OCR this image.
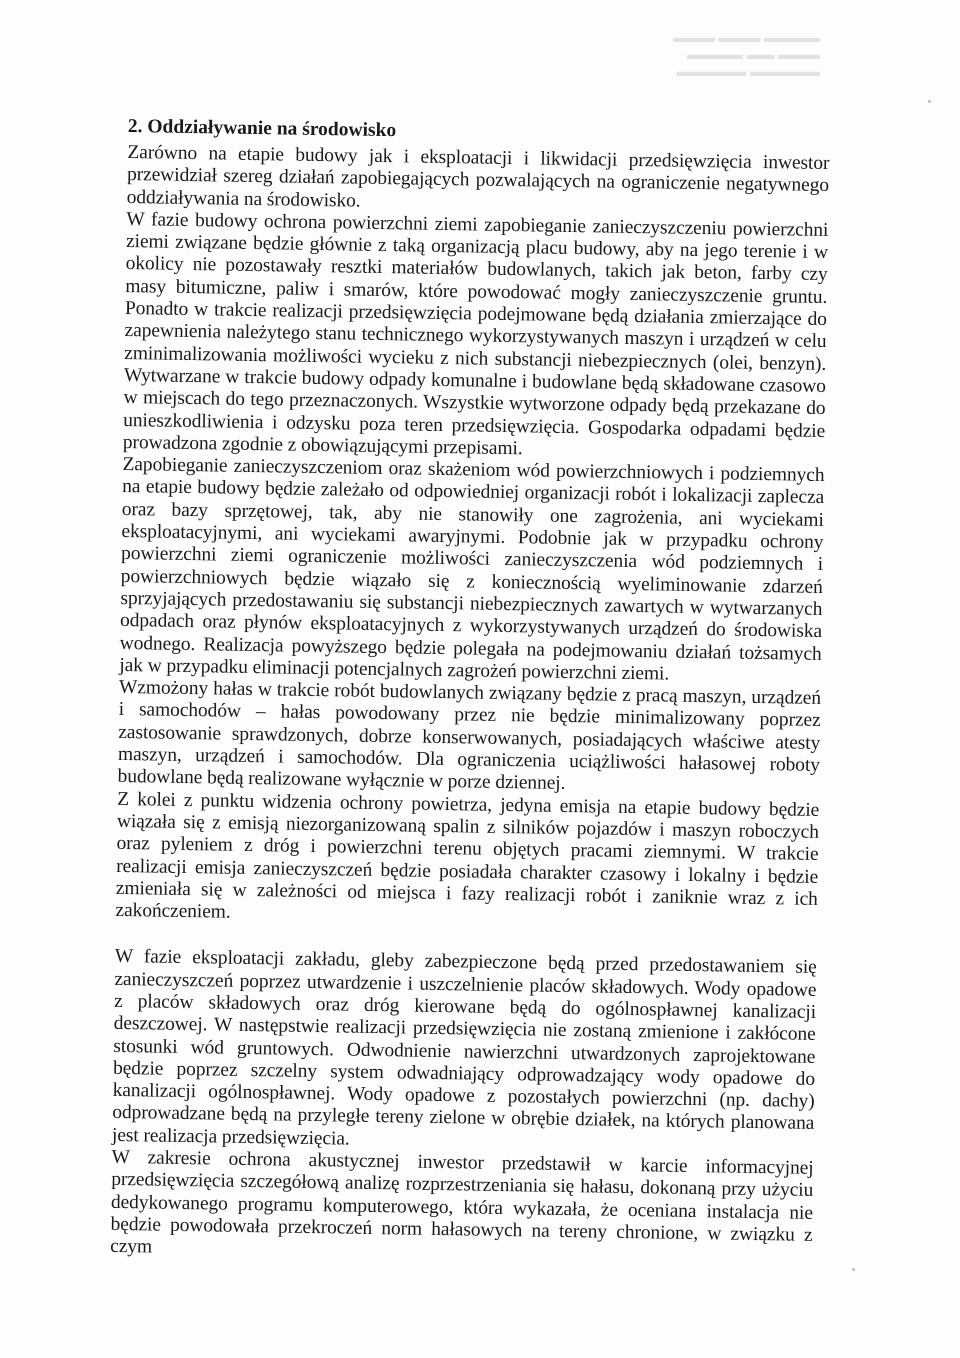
▬▬▬▬ ▬▬▬ ▬▬▬
▬▬▬ ▬▬ ▬▬▬▬
▬▬▬▬▬ ▬▬▬▬▬
2. Oddziaływanie na środowisko

Zarówno na etapie budowy jak i eksploatacji i likwidacji przedsięwzięcia inwestor przewidział szereg działań zapobiegających pozwalających na ograniczenie negatywnego oddziaływania na środowisko.

W fazie budowy ochrona powierzchni ziemi zapobieganie zanieczyszczeniu powierzchni ziemi związane będzie głównie z taką organizacją placu budowy, aby na jego terenie i w okolicy nie pozostawały resztki materiałów budowlanych, takich jak beton, farby czy masy bitumiczne, paliw i smarów, które powodować mogły zanieczyszczenie gruntu. Ponadto w trakcie realizacji przedsięwzięcia podejmowane będą działania zmierzające do zapewnienia należytego stanu technicznego wykorzystywanych maszyn i urządzeń w celu zminimalizowania możliwości wycieku z nich substancji niebezpiecznych (olei, benzyn). Wytwarzane w trakcie budowy odpady komunalne i budowlane będą składowane czasowo w miejscach do tego przeznaczonych. Wszystkie wytworzone odpady będą przekazane do unieszkodliwienia i odzysku poza teren przedsięwzięcia. Gospodarka odpadami będzie prowadzona zgodnie z obowiązującymi przepisami.

Zapobieganie zanieczyszczeniom oraz skażeniom wód powierzchniowych i podziemnych na etapie budowy będzie zależało od odpowiedniej organizacji robót i lokalizacji zaplecza oraz bazy sprzętowej, tak, aby nie stanowiły one zagrożenia, ani wyciekami eksploatacyjnymi, ani wyciekami awaryjnymi. Podobnie jak w przypadku ochrony powierzchni ziemi ograniczenie możliwości zanieczyszczenia wód podziemnych i powierzchniowych będzie wiązało się z koniecznością wyeliminowanie zdarzeń sprzyjających przedostawaniu się substancji niebezpiecznych zawartych w wytwarzanych odpadach oraz płynów eksploatacyjnych z wykorzystywanych urządzeń do środowiska wodnego. Realizacja powyższego będzie polegała na podejmowaniu działań tożsamych jak w przypadku eliminacji potencjalnych zagrożeń powierzchni ziemi.

Wzmożony hałas w trakcie robót budowlanych związany będzie z pracą maszyn, urządzeń i samochodów – hałas powodowany przez nie będzie minimalizowany poprzez zastosowanie sprawdzonych, dobrze konserwowanych, posiadających właściwe atesty maszyn, urządzeń i samochodów. Dla ograniczenia uciążliwości hałasowej roboty budowlane będą realizowane wyłącznie w porze dziennej.

Z kolei z punktu widzenia ochrony powietrza, jedyna emisja na etapie budowy będzie wiązała się z emisją niezorganizowaną spalin z silników pojazdów i maszyn roboczych oraz pyleniem z dróg i powierzchni terenu objętych pracami ziemnymi. W trakcie realizacji emisja zanieczyszczeń będzie posiadała charakter czasowy i lokalny i będzie zmieniała się w zależności od miejsca i fazy realizacji robót i zaniknie wraz z ich zakończeniem.

W fazie eksploatacji zakładu, gleby zabezpieczone będą przed przedostawaniem się zanieczyszczeń poprzez utwardzenie i uszczelnienie placów składowych. Wody opadowe z placów składowych oraz dróg kierowane będą do ogólnospławnej kanalizacji deszczowej. W następstwie realizacji przedsięwzięcia nie zostaną zmienione i zakłócone stosunki wód gruntowych. Odwodnienie nawierzchni utwardzonych zaprojektowane będzie poprzez szczelny system odwadniający odprowadzający wody opadowe do kanalizacji ogólnospławnej. Wody opadowe z pozostałych powierzchni (np. dachy) odprowadzane będą na przyległe tereny zielone w obrębie działek, na których planowana jest realizacja przedsięwzięcia.

W zakresie ochrona akustycznej inwestor przedstawił w karcie informacyjnej przedsięwzięcia szczegółową analizę rozprzestrzeniania się hałasu, dokonaną przy użyciu dedykowanego programu komputerowego, która wykazała, że oceniana instalacja nie będzie powodowała przekroczeń norm hałasowych na tereny chronione, w związku z czym
